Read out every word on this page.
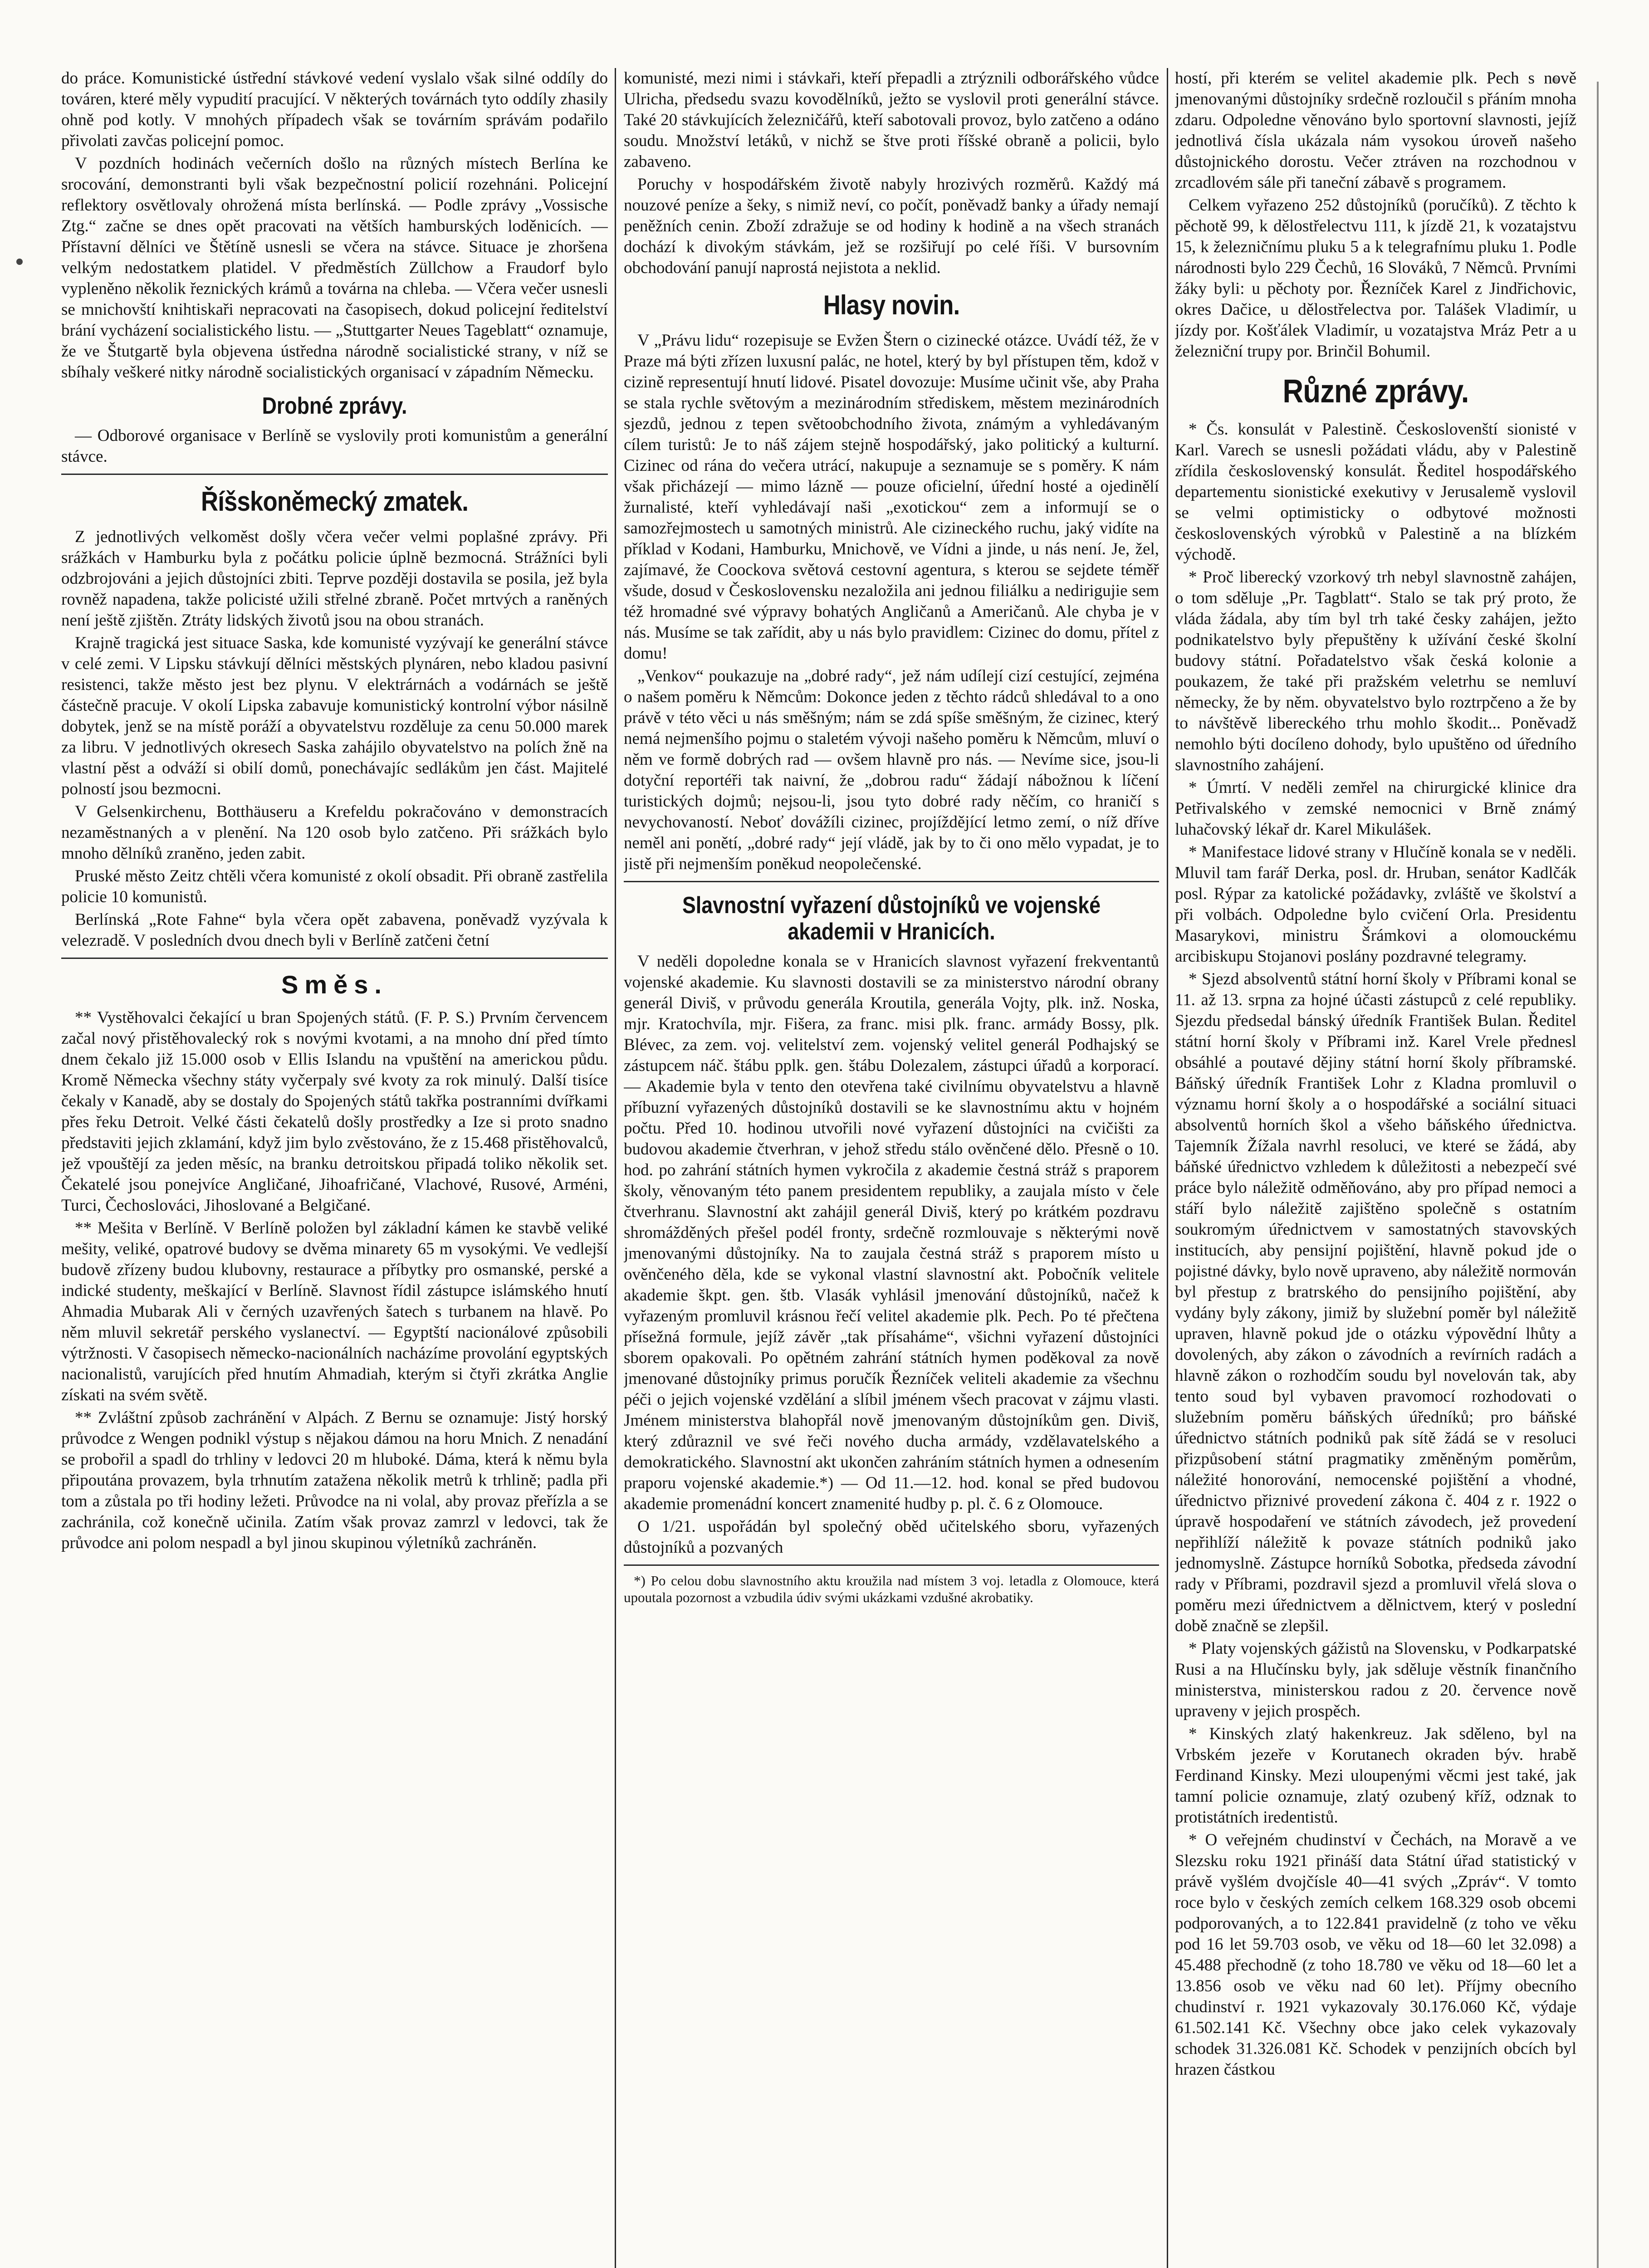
do práce. Komunistické ústřední stávkové vedení vyslalo však silné oddíly do továren, které měly vypudití pracující. V některých továrnách tyto oddíly zhasily ohně pod kotly. V mnohých případech však se továrním správám podařilo přivolati zavčas policejní pomoc.

V pozdních hodinách večerních došlo na různých místech Berlína ke srocování, demonstranti byli však bezpečnostní policií rozehnáni. Policejní reflektory osvětlovaly ohrožená místa berlínská. — Podle zprávy „Vossische Ztg.“ začne se dnes opět pracovati na větších hamburských loděnicích. — Přístavní dělníci ve Štětíně usnesli se včera na stávce. Situace je zhoršena velkým nedostatkem platidel. V předměstích Züllchow a Fraudorf bylo vypleněno několik řeznických krámů a továrna na chleba. — Včera večer usnesli se mnichovští knihtiskaři nepracovati na časopisech, dokud policejní ředitelství brání vycházení socialistického listu. — „Stuttgarter Neues Tageblatt“ oznamuje, že ve Štutgartě byla objevena ústředna národně socialistické strany, v níž se sbíhaly veškeré nitky národně socialistických organisací v západním Německu.

Drobné zprávy.

— Odborové organisace v Berlíně se vyslovily proti komunistům a generální stávce.

Říšskoněmecký zmatek.

Z jednotlivých velkoměst došly včera večer velmi poplašné zprávy. Při srážkách v Hamburku byla z počátku policie úplně bezmocná. Strážníci byli odzbrojováni a jejich důstojníci zbiti. Teprve později dostavila se posila, jež byla rovněž napadena, takže policisté užili střelné zbraně. Počet mrtvých a raněných není ještě zjištěn. Ztráty lidských životů jsou na obou stranách.

Krajně tragická jest situace Saska, kde komunisté vyzývají ke generální stávce v celé zemi. V Lipsku stávkují dělníci městských plynáren, nebo kladou pasivní resistenci, takže město jest bez plynu. V elektrárnách a vodárnách se ještě částečně pracuje. V okolí Lipska zabavuje komunistický kontrolní výbor násilně dobytek, jenž se na místě poráží a obyvatelstvu rozděluje za cenu 50.000 marek za libru. V jednotlivých okresech Saska zahájilo obyvatelstvo na polích žně na vlastní pěst a odváží si obilí domů, ponechávajíc sedlákům jen část. Majitelé polností jsou bezmocni.

V Gelsenkirchenu, Botthäuseru a Krefeldu pokračováno v demonstracích nezaměstnaných a v plenění. Na 120 osob bylo zatčeno. Při srážkách bylo mnoho dělníků zraněno, jeden zabit.

Pruské město Zeitz chtěli včera komunisté z okolí obsadit. Při obraně zastřelila policie 10 komunistů.

Berlínská „Rote Fahne“ byla včera opět zabavena, poněvadž vyzývala k velezradě. V posledních dvou dnech byli v Berlíně zatčeni četní

Směs.

** Vystěhovalci čekající u bran Spojených států. (F. P. S.) Prvním červencem začal nový přistěhovalecký rok s novými kvotami, a na mnoho dní před tímto dnem čekalo již 15.000 osob v Ellis Islandu na vpuštění na americkou půdu. Kromě Německa všechny státy vyčerpaly své kvoty za rok minulý. Další tisíce čekaly v Kanadě, aby se dostaly do Spojených států takřka postranními dvířkami přes řeku Detroit. Velké části čekatelů došly prostředky a Ize si proto snadno představiti jejich zklamání, když jim bylo zvěstováno, že z 15.468 přistěhovalců, jež vpouštějí za jeden měsíc, na branku detroitskou připadá toliko několik set. Čekatelé jsou ponejvíce Angličané, Jihoafričané, Vlachové, Rusové, Arméni, Turci, Čechoslováci, Jihoslované a Belgičané.

** Mešita v Berlíně. V Berlíně položen byl základní kámen ke stavbě veliké mešity, veliké, opatrové budovy se dvěma minarety 65 m vysokými. Ve vedlejší budově zřízeny budou klubovny, restaurace a příbytky pro osmanské, perské a indické studenty, meškající v Berlíně. Slavnost řídil zástupce islámského hnutí Ahmadia Mubarak Ali v černých uzavřených šatech s turbanem na hlavě. Po něm mluvil sekretář perského vyslanectví. — Egyptští nacionálové způsobili výtržnosti. V časopisech německo-nacionálních nacházíme provolání egyptských nacionalistů, varujících před hnutím Ahmadiah, kterým si čtyři zkrátka Anglie získati na svém světě.

** Zvláštní způsob zachránění v Alpách. Z Bernu se oznamuje: Jistý horský průvodce z Wengen podnikl výstup s nějakou dámou na horu Mnich. Z nenadání se probořil a spadl do trhliny v ledovci 20 m hluboké. Dáma, která k němu byla připoutána provazem, byla trhnutím zatažena několik metrů k trhlině; padla při tom a zůstala po tři hodiny ležeti. Průvodce na ni volal, aby provaz přeřízla a se zachránila, což konečně učinila. Zatím však provaz zamrzl v ledovci, tak že průvodce ani polom nespadl a byl jinou skupinou výletníků zachráněn.

komunisté, mezi nimi i stávkaři, kteří přepadli a ztrýznili odborářského vůdce Ulricha, předsedu svazu kovodělníků, ježto se vyslovil proti generální stávce. Také 20 stávkujících železničářů, kteří sabotovali provoz, bylo zatčeno a odáno soudu. Množství letáků, v nichž se štve proti říšské obraně a policii, bylo zabaveno.

Poruchy v hospodářském životě nabyly hrozivých rozměrů. Každý má nouzové peníze a šeky, s nimiž neví, co počít, poněvadž banky a úřady nemají peněžních cenin. Zboží zdražuje se od hodiny k hodině a na všech stranách dochází k divokým stávkám, jež se rozšiřují po celé říši. V bursovním obchodování panují naprostá nejistota a neklid.

Hlasy novin.

V „Právu lidu“ rozepisuje se Evžen Štern o cizinecké otázce. Uvádí též, že v Praze má býti zřízen luxusní palác, ne hotel, který by byl přístupen těm, kdož v cizině representují hnutí lidové. Pisatel dovozuje: Musíme učinit vše, aby Praha se stala rychle světovým a mezinárodním střediskem, městem mezinárodních sjezdů, jednou z tepen světoobchodního života, známým a vyhledávaným cílem turistů: Je to náš zájem stejně hospodářský, jako politický a kulturní. Cizinec od rána do večera utrácí, nakupuje a seznamuje se s poměry. K nám však přicházejí — mimo lázně — pouze oficielní, úřední hosté a ojedinělí žurnalisté, kteří vyhledávají naši „exotickou“ zem a informují se o samozřejmostech u samotných ministrů. Ale cizineckého ruchu, jaký vidíte na příklad v Kodani, Hamburku, Mnichově, ve Vídni a jinde, u nás není. Je, žel, zajímavé, že Coockova světová cestovní agentura, s kterou se sejdete téměř všude, dosud v Československu nezaložila ani jednou filiálku a nedirigujie sem též hromadné své výpravy bohatých Angličanů a Američanů. Ale chyba je v nás. Musíme se tak zařídit, aby u nás bylo pravidlem: Cizinec do domu, přítel z domu!

„Venkov“ poukazuje na „dobré rady“, jež nám udílejí cizí cestující, zejména o našem poměru k Němcům: Dokonce jeden z těchto rádců shledával to a ono právě v této věci u nás směšným; nám se zdá spíše směšným, že cizinec, který nemá nejmenšího pojmu o staletém vývoji našeho poměru k Němcům, mluví o něm ve formě dobrých rad — ovšem hlavně pro nás. — Nevíme sice, jsou-li dotyční reportéři tak naivní, že „dobrou radu“ žádají nábožnou k líčení turistických dojmů; nejsou-li, jsou tyto dobré rady něčím, co hraničí s nevychovaností. Neboť dovážíli cizinec, projíždějící letmo zemí, o níž dříve neměl ani ponětí, „dobré rady“ její vládě, jak by to či ono mělo vypadat, je to jistě při nejmenším poněkud neopolečenské.

Slavnostní vyřazení důstojníků ve vojenské akademii v Hranicích.

V neděli dopoledne konala se v Hranicích slavnost vyřazení frekventantů vojenské akademie. Ku slavnosti dostavili se za ministerstvo národní obrany generál Diviš, v průvodu generála Kroutila, generála Vojty, plk. inž. Noska, mjr. Kratochvíla, mjr. Fišera, za franc. misi plk. franc. armády Bossy, plk. Blévec, za zem. voj. velitelství zem. vojenský velitel generál Podhajský se zástupcem náč. štábu pplk. gen. štábu Dolezalem, zástupci úřadů a korporací. — Akademie byla v tento den otevřena také civilnímu obyvatelstvu a hlavně příbuzní vyřazených důstojníků dostavili se ke slavnostnímu aktu v hojném počtu. Před 10. hodinou utvořili nové vyřazení důstojníci na cvičišti za budovou akademie čtverhran, v jehož středu stálo ověnčené dělo. Přesně o 10. hod. po zahrání státních hymen vykročila z akademie čestná stráž s praporem školy, věnovaným této panem presidentem republiky, a zaujala místo v čele čtverhranu. Slavnostní akt zahájil generál Diviš, který po krátkém pozdravu shromážděných přešel podél fronty, srdečně rozmlouvaje s některými nově jmenovanými důstojníky. Na to zaujala čestná stráž s praporem místo u ověnčeného děla, kde se vykonal vlastní slavnostní akt. Pobočník velitele akademie škpt. gen. štb. Vlasák vyhlásil jmenování důstojníků, načež k vyřazeným promluvil krásnou řečí velitel akademie plk. Pech. Po té přečtena přísežná formule, jejíž závěr „tak přísaháme“, všichni vyřazení důstojníci sborem opakovali. Po opětném zahrání státních hymen poděkoval za nově jmenované důstojníky primus poručík Řezníček veliteli akademie za všechnu péči o jejich vojenské vzdělání a slíbil jménem všech pracovat v zájmu vlasti. Jménem ministerstva blahopřál nově jmenovaným důstojníkům gen. Diviš, který zdůraznil ve své řeči nového ducha armády, vzdělavatelského a demokratického. Slavnostní akt ukončen zahráním státních hymen a odnesením praporu vojenské akademie.*) — Od 11.—12. hod. konal se před budovou akademie promenádní koncert znamenité hudby p. pl. č. 6 z Olomouce.

O 1/21. uspořádán byl společný oběd učitelského sboru, vyřazených důstojníků a pozvaných

*) Po celou dobu slavnostního aktu kroužila nad místem 3 voj. letadla z Olomouce, která upoutala pozornost a vzbudila údiv svými ukázkami vzdušné akrobatiky.

hostí, při kterém se velitel akademie plk. Pech s nově jmenovanými důstojníky srdečně rozloučil s přáním mnoha zdaru. Odpoledne věnováno bylo sportovní slavnosti, jejíž jednotlivá čísla ukázala nám vysokou úroveň našeho důstojnického dorostu. Večer ztráven na rozchodnou v zrcadlovém sále při taneční zábavě s programem.

Celkem vyřazeno 252 důstojníků (poručíků). Z těchto k pěchotě 99, k dělostřelectvu 111, k jízdě 21, k vozatajstvu 15, k železničnímu pluku 5 a k telegrafnímu pluku 1. Podle národnosti bylo 229 Čechů, 16 Slováků, 7 Němců. Prvními žáky byli: u pěchoty por. Řezníček Karel z Jindřichovic, okres Dačice, u dělostřelectva por. Talášek Vladimír, u jízdy por. Košťálek Vladimír, u vozatajstva Mráz Petr a u železniční trupy por. Brinčil Bohumil.

Různé zprávy.

* Čs. konsulát v Palestině. Českoslovenští sionisté v Karl. Varech se usnesli požádati vládu, aby v Palestině zřídila československý konsulát. Ředitel hospodářského departementu sionistické exekutivy v Jerusalemě vyslovil se velmi optimisticky o odbytové možnosti československých výrobků v Palestině a na blízkém východě.

* Proč liberecký vzorkový trh nebyl slavnostně zahájen, o tom sděluje „Pr. Tagblatt“. Stalo se tak prý proto, že vláda žádala, aby tím byl trh také česky zahájen, ježto podnikatelstvo byly přepuštěny k užívání české školní budovy státní. Pořadatelstvo však česká kolonie a poukazem, že také při pražském veletrhu se nemluví německy, že by něm. obyvatelstvo bylo roztrpčeno a že by to návštěvě libereckého trhu mohlo škodit... Poněvadž nemohlo býti docíleno dohody, bylo upuštěno od úředního slavnostního zahájení.

* Úmrtí. V neděli zemřel na chirurgické klinice dra Petřivalského v zemské nemocnici v Brně známý luhačovský lékař dr. Karel Mikulášek.

* Manifestace lidové strany v Hlučíně konala se v neděli. Mluvil tam farář Derka, posl. dr. Hruban, senátor Kadlčák posl. Rýpar za katolické požádavky, zvláště ve školství a při volbách. Odpoledne bylo cvičení Orla. Presidentu Masarykovi, ministru Šrámkovi a olomouckému arcibiskupu Stojanovi poslány pozdravné telegramy.

* Sjezd absolventů státní horní školy v Příbrami konal se 11. až 13. srpna za hojné účasti zástupců z celé republiky. Sjezdu předsedal bánský úředník František Bulan. Ředitel státní horní školy v Příbrami inž. Karel Vrele přednesl obsáhlé a poutavé dějiny státní horní školy příbramské. Báňský úředník František Lohr z Kladna promluvil o významu horní školy a o hospodářské a sociální situaci absolventů horních škol a všeho báňského úřednictva. Tajemník Žížala navrhl resoluci, ve které se žádá, aby báňské úřednictvo vzhledem k důležitosti a nebezpečí své práce bylo náležitě odměňováno, aby pro případ nemoci a stáří bylo náležitě zajištěno společně s ostatním soukromým úřednictvem v samostatných stavovských institucích, aby pensijní pojištění, hlavně pokud jde o pojistné dávky, bylo nově upraveno, aby náležitě normován byl přestup z bratrského do pensijního pojištění, aby vydány byly zákony, jimiž by služební poměr byl náležitě upraven, hlavně pokud jde o otázku výpovědní lhůty a dovolených, aby zákon o závodních a revírních radách a hlavně zákon o rozhodčím soudu byl novelován tak, aby tento soud byl vybaven pravomocí rozhodovati o služebním poměru báňských úředníků; pro báňské úřednictvo státních podniků pak sítě žádá se v resoluci přizpůsobení státní pragmatiky změněným poměrům, náležité honorování, nemocenské pojištění a vhodné, úřednictvo přiznivé provedení zákona č. 404 z r. 1922 o úpravě hospodaření ve státních závodech, jež provedení nepřihlíží náležitě k povaze státních podniků jako jednomyslně. Zástupce horníků Sobotka, předseda závodní rady v Příbrami, pozdravil sjezd a promluvil vřelá slova o poměru mezi úřednictvem a dělnictvem, který v poslední době značně se zlepšil.

* Platy vojenských gážistů na Slovensku, v Podkarpatské Rusi a na Hlučínsku byly, jak sděluje věstník finančního ministerstva, ministerskou radou z 20. července nově upraveny v jejich prospěch.

* Kinských zlatý hakenkreuz. Jak sděleno, byl na Vrbském jezeře v Korutanech okraden býv. hrabě Ferdinand Kinsky. Mezi uloupenými věcmi jest také, jak tamní policie oznamuje, zlatý ozubený kříž, odznak to protistátních iredentistů.

* O veřejném chudinství v Čechách, na Moravě a ve Slezsku roku 1921 přináší data Státní úřad statistický v právě vyšlém dvojčísle 40—41 svých „Zpráv“. V tomto roce bylo v českých zemích celkem 168.329 osob obcemi podporovaných, a to 122.841 pravidelně (z toho ve věku pod 16 let 59.703 osob, ve věku od 18—60 let 32.098) a 45.488 přechodně (z toho 18.780 ve věku od 18—60 let a 13.856 osob ve věku nad 60 let). Příjmy obecního chudinství r. 1921 vykazovaly 30.176.060 Kč, výdaje 61.502.141 Kč. Všechny obce jako celek vykazovaly schodek 31.326.081 Kč. Schodek v penzijních obcích byl hrazen částkou
